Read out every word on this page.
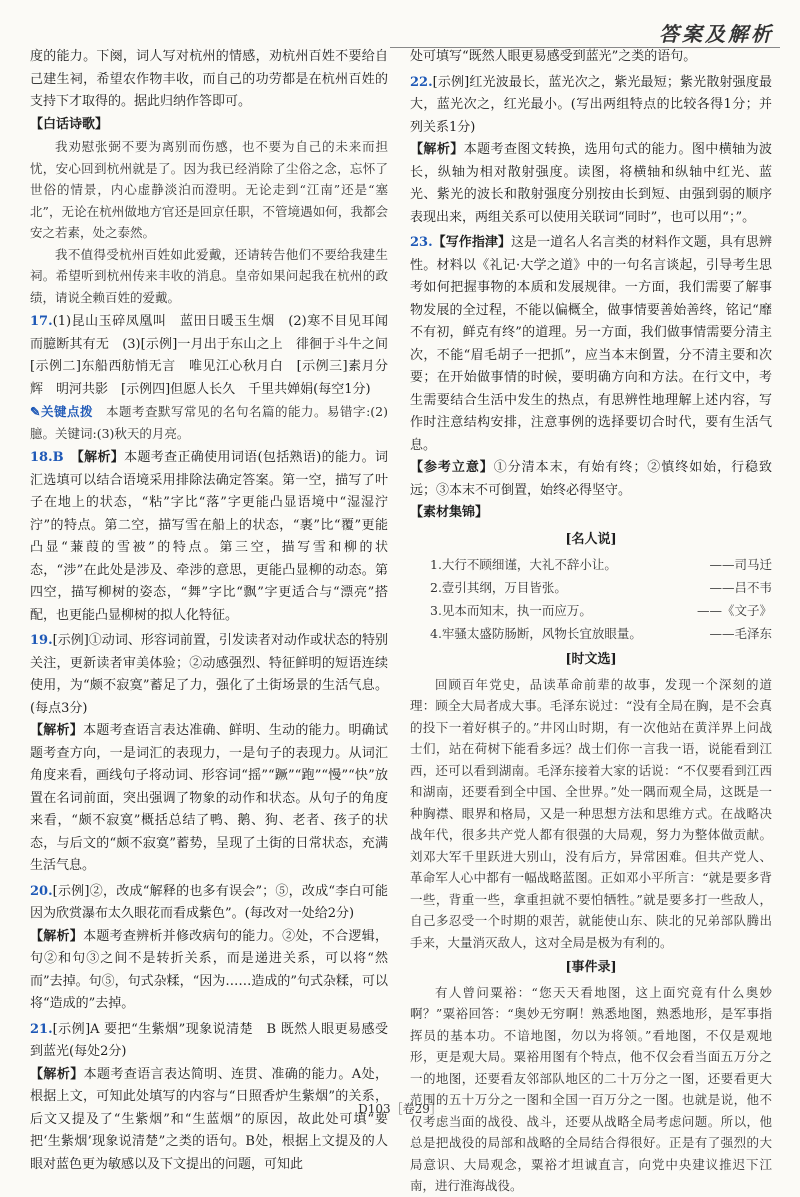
答案及解析

度的能力。下阕，词人写对杭州的情感，劝杭州百姓不要给自己建生祠，希望农作物丰收，而自己的功劳都是在杭州百姓的支持下才取得的。据此归纳作答即可。

【白话诗歌】

我劝慰张弼不要为离别而伤感，也不要为自己的未来而担忧，安心回到杭州就是了。因为我已经消除了尘俗之念，忘怀了世俗的情景，内心虚静淡泊而澄明。无论走到“江南”还是“塞北”，无论在杭州做地方官还是回京任职，不管境遇如何，我都会安之若素，处之泰然。

我不值得受杭州百姓如此爱戴，还请转告他们不要给我建生祠。希望听到杭州传来丰收的消息。皇帝如果问起我在杭州的政绩，请说全赖百姓的爱戴。

17.(1)昆山玉碎凤凰叫　蓝田日暖玉生烟　(2)寒不目见耳闻而臆断其有无　(3)[示例]一月出于东山之上　徘徊于斗牛之间　[示例二]东船西舫悄无言　唯见江心秋月白　[示例三]素月分辉　明河共影　[示例四]但愿人长久　千里共婵娟(每空1分)

✎关键点拨　 本题考查默写常见的名句名篇的能力。易错字:(2)臆。关键词:(3)秋天的月亮。

18.B　 【解析】本题考查正确使用词语(包括熟语)的能力。词汇选填可以结合语境采用排除法确定答案。第一空，描写了叶子在地上的状态，“粘”字比“落”字更能凸显语境中“湿湿泞泞”的特点。第二空，描写雪在船上的状态，“裹”比“覆”更能凸显“蒹葭的雪被”的特点。第三空，描写雪和柳的状态，“涉”在此处是涉及、牵涉的意思，更能凸显柳的动态。第四空，描写柳树的姿态，“舞”字比“飘”字更适合与“漂亮”搭配，也更能凸显柳树的拟人化特征。

19.[示例]①动词、形容词前置，引发读者对动作或状态的特别关注，更新读者审美体验；②动感强烈、特征鲜明的短语连续使用，为“颇不寂寞”蓄足了力，强化了土街场景的生活气息。(每点3分)

【解析】本题考查语言表达准确、鲜明、生动的能力。明确试题考查方向，一是词汇的表现力，一是句子的表现力。从词汇角度来看，画线句子将动词、形容词“摇”“蹶”“跑”“慢”“快”放置在名词前面，突出强调了物象的动作和状态。从句子的角度来看，“颇不寂寞”概括总结了鸭、鹅、狗、老者、孩子的状态，与后文的“颇不寂寞”蓄势，呈现了土街的日常状态，充满生活气息。

20.[示例]②，改成“解释的也多有误会”；⑤，改成“李白可能因为欣赏瀑布太久眼花而看成紫色”。(每改对一处给2分)

【解析】本题考查辨析并修改病句的能力。②处，不合逻辑，句②和句③之间不是转折关系，而是递进关系，可以将“然而”去掉。句⑤，句式杂糅，“因为……造成的”句式杂糅，可以将“造成的”去掉。

21.[示例]A 要把“生紫烟”现象说清楚　B 既然人眼更易感受到蓝光(每处2分)

【解析】本题考查语言表达简明、连贯、准确的能力。A处，根据上文，可知此处填写的内容与“日照香炉生紫烟”的关系，后文又提及了“生紫烟”和“生蓝烟”的原因，故此处可填“要把‘生紫烟’现象说清楚”之类的语句。B处，根据上文提及的人眼对蓝色更为敏感以及下文提出的问题，可知此

处可填写“既然人眼更易感受到蓝光”之类的语句。

22.[示例]红光波最长，蓝光次之，紫光最短；紫光散射强度最大，蓝光次之，红光最小。(写出两组特点的比较各得1分；并列关系1分)

【解析】本题考查图文转换，选用句式的能力。图中横轴为波长，纵轴为相对散射强度。读图，将横轴和纵轴中红光、蓝光、紫光的波长和散射强度分别按由长到短、由强到弱的顺序表现出来，两组关系可以使用关联词“同时”，也可以用“；”。

23.【写作指津】这是一道名人名言类的材料作文题，具有思辨性。材料以《礼记·大学之道》中的一句名言谈起，引导考生思考如何把握事物的本质和发展规律。一方面，我们需要了解事物发展的全过程，不能以偏概全，做事情要善始善终，铭记“靡不有初，鲜克有终”的道理。另一方面，我们做事情需要分清主次，不能“眉毛胡子一把抓”，应当本末倒置，分不清主要和次要；在开始做事情的时候，要明确方向和方法。在行文中，考生需要结合生活中发生的热点，有思辨性地理解上述内容，写作时注意结构安排，注意事例的选择要切合时代，要有生活气息。

【参考立意】①分清本末，有始有终；②慎终如始，行稳致远；③本末不可倒置，始终必得坚守。

【素材集锦】

[名人说]

1.大行不顾细谨，大礼不辞小让。	——司马迁
2.壹引其纲，万目皆张。	——吕不韦
3.见本而知末，执一而应万。	——《文子》
4.牢骚太盛防肠断，风物长宜放眼量。	——毛泽东

[时文选]

回顾百年党史，品读革命前辈的故事，发现一个深刻的道理：顾全大局者成大事。毛泽东说过：“没有全局在胸，是不会真的投下一着好棋子的。”井冈山时期，有一次他站在黄洋界上问战士们，站在荷树下能看多远？战士们你一言我一语，说能看到江西，还可以看到湖南。毛泽东接着大家的话说：“不仅要看到江西和湖南，还要看到全中国、全世界。”处一隅而观全局，这既是一种胸襟、眼界和格局，又是一种思想方法和思维方式。在战略决战年代，很多共产党人都有很强的大局观，努力为整体做贡献。刘邓大军千里跃进大别山，没有后方，异常困难。但共产党人、革命军人心中都有一幅战略蓝图。正如邓小平所言：“就是要多背一些，背重一些，拿重担就不要怕牺牲。”就是要多打一些敌人，自己多忍受一个时期的艰苦，就能使山东、陕北的兄弟部队腾出手来，大量消灭敌人，这对全局是极为有利的。

[事件录]

有人曾问粟裕：“您天天看地图，这上面究竟有什么奥妙啊？”粟裕回答：“奥妙无穷啊！熟悉地图，熟悉地形，是军事指挥员的基本功。不谙地图，勿以为将领。”看地图，不仅是观地形，更是观大局。粟裕用图有个特点，他不仅会看当面五万分之一的地图，还要看友邻部队地区的二十万分之一图，还要看更大范围的五十万分之一图和全国一百万分之一图。也就是说，他不仅考虑当面的战役、战斗，还要从战略全局考虑问题。所以，他总是把战役的局部和战略的全局结合得很好。正是有了强烈的大局意识、大局观念，粟裕才坦诚直言，向党中央建议推迟下江南，进行淮海战役。

D103［卷29］
